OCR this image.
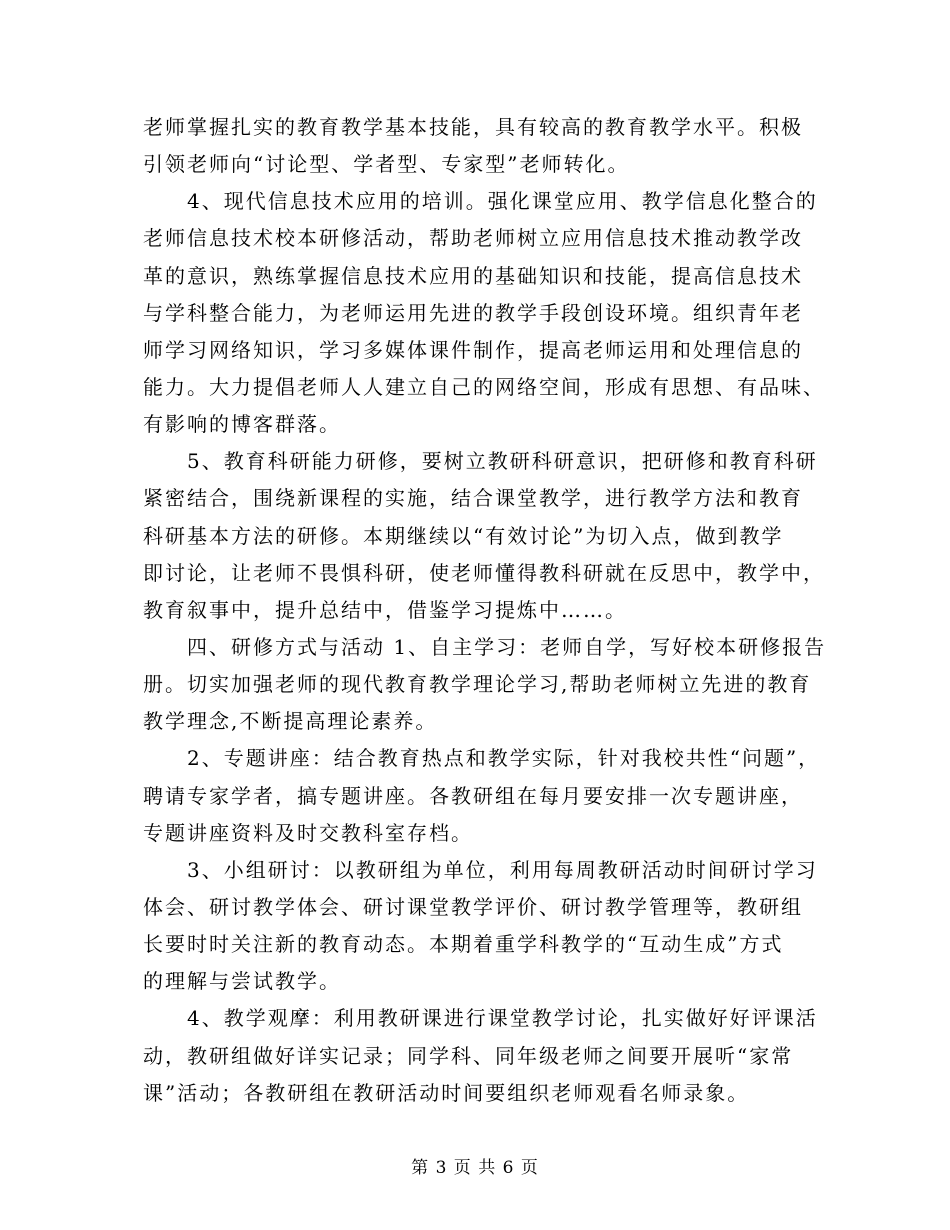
老师掌握扎实的教育教学基本技能，具有较高的教育教学水平。积极
引领老师向“讨论型、学者型、专家型”老师转化。
4、现代信息技术应用的培训。强化课堂应用、教学信息化整合的
老师信息技术校本研修活动，帮助老师树立应用信息技术推动教学改
革的意识，熟练掌握信息技术应用的基础知识和技能，提高信息技术
与学科整合能力，为老师运用先进的教学手段创设环境。组织青年老
师学习网络知识，学习多媒体课件制作，提高老师运用和处理信息的
能力。大力提倡老师人人建立自己的网络空间，形成有思想、有品味、
有影响的博客群落。
5、教育科研能力研修，要树立教研科研意识，把研修和教育科研
紧密结合，围绕新课程的实施，结合课堂教学，进行教学方法和教育
科研基本方法的研修。本期继续以“有效讨论”为切入点，做到教学
即讨论，让老师不畏惧科研，使老师懂得教科研就在反思中，教学中，
教育叙事中，提升总结中，借鉴学习提炼中……。
四、研修方式与活动 1、自主学习：老师自学，写好校本研修报告
册。切实加强老师的现代教育教学理论学习,帮助老师树立先进的教育
教学理念,不断提高理论素养。
2、专题讲座：结合教育热点和教学实际，针对我校共性“问题”，
聘请专家学者，搞专题讲座。各教研组在每月要安排一次专题讲座，
专题讲座资料及时交教科室存档。
3、小组研讨：以教研组为单位，利用每周教研活动时间研讨学习
体会、研讨教学体会、研讨课堂教学评价、研讨教学管理等，教研组
长要时时关注新的教育动态。本期着重学科教学的“互动生成”方式
的理解与尝试教学。
4、教学观摩：利用教研课进行课堂教学讨论，扎实做好好评课活
动，教研组做好详实记录；同学科、同年级老师之间要开展听“家常
课”活动；各教研组在教研活动时间要组织老师观看名师录象。
第 3 页 共 6 页
